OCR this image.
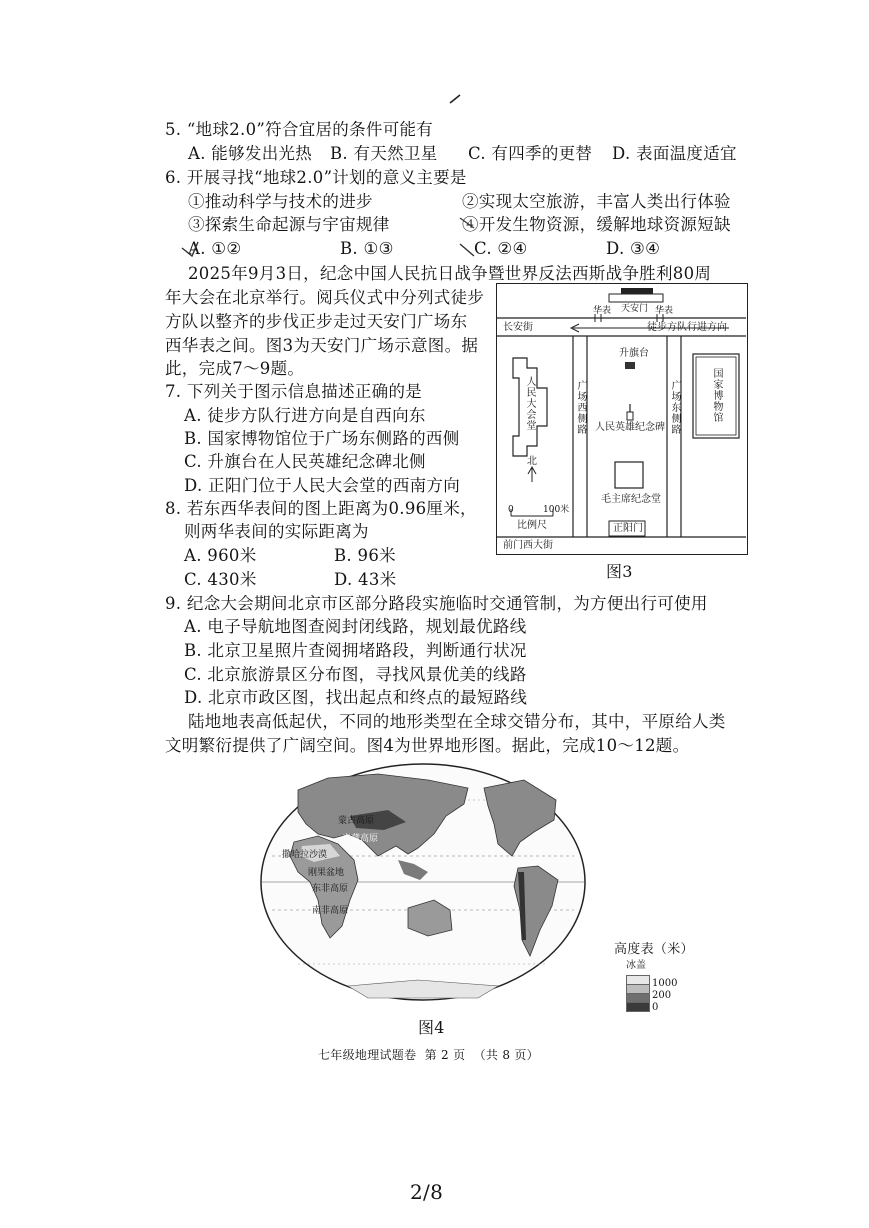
5. “地球2.0”符合宜居的条件可能有
A. 能够发出光热 B. 有天然卫星 C. 有四季的更替 D. 表面温度适宜
6. 开展寻找“地球2.0”计划的意义主要是
①推动科学与技术的进步	②实现太空旅游，丰富人类出行体验
③探索生命起源与宇宙规律	④开发生物资源，缓解地球资源短缺
A. ①②	B. ①③	C. ②④	D. ③④
2025年9月3日，纪念中国人民抗日战争暨世界反法西斯战争胜利80周
年大会在北京举行。阅兵仪式中分列式徒步
方队以整齐的步伐正步走过天安门广场东
西华表之间。图3为天安门广场示意图。据
此，完成7～9题。
7. 下列关于图示信息描述正确的是
A. 徒步方队行进方向是自西向东
B. 国家博物馆位于广场东侧路的西侧
C. 升旗台在人民英雄纪念碑北侧
D. 正阳门位于人民大会堂的西南方向
8. 若东西华表间的图上距离为0.96厘米，
则两华表间的实际距离为
A. 960米	B. 96米
C. 430米	D. 43米
天安门
华表	华表
长安街	徒步方队行进方向
升旗台
人民大会堂	国家博物馆
广场西侧路	广场东侧路
人民英雄纪念碑
毛主席纪念堂
正阳门
北
0	100米
比例尺
前门西大街
图3
9. 纪念大会期间北京市区部分路段实施临时交通管制，为方便出行可使用
A. 电子导航地图查阅封闭线路，规划最优路线
B. 北京卫星照片查阅拥堵路段，判断通行状况
C. 北京旅游景区分布图，寻找风景优美的线路
D. 北京市政区图，找出起点和终点的最短路线
陆地地表高低起伏，不同的地形类型在全球交错分布，其中，平原给人类
文明繁衍提供了广阔空间。图4为世界地形图。据此，完成10～12题。
蒙古高原
青藏高原
撒哈拉沙漠
刚果盆地
东非高原
南非高原
高度表（米）
冰盖
1000
200
0
图4
七年级地理试题卷  第 2 页  （共 8 页）
2/8
